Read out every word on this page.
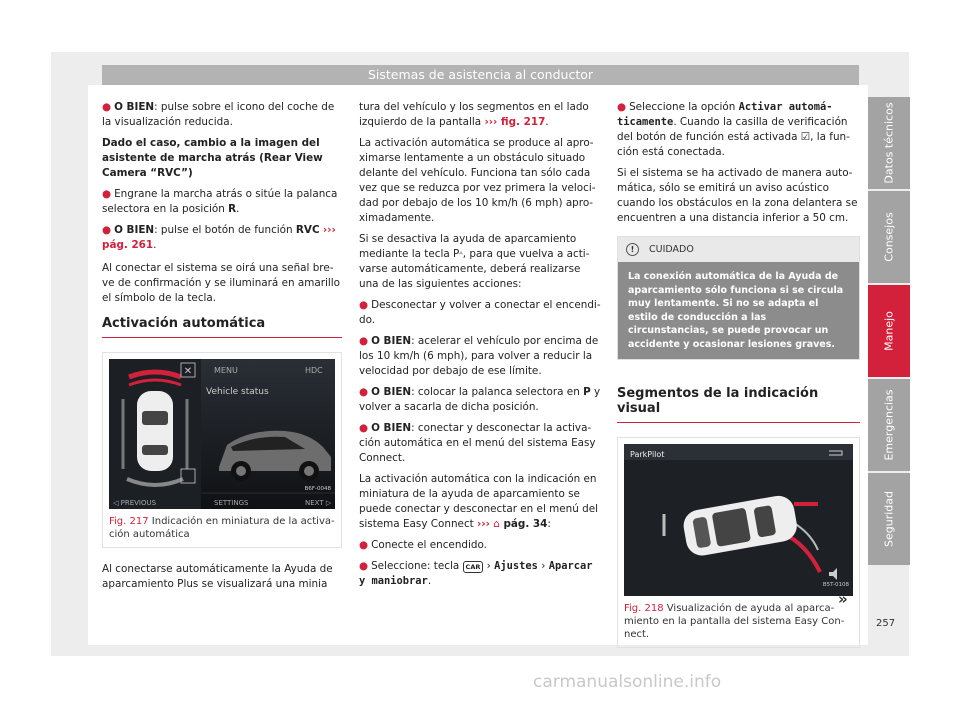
Sistemas de asistencia al conductor

● O BIEN: pulse sobre el icono del coche de la visualización reducida.

Dado el caso, cambio a la imagen del asistente de marcha atrás (Rear View Camera “RVC”)

● Engrane la marcha atrás o sitúe la palanca selectora en la posición R.

● O BIEN: pulse el botón de función RVC ››› pág. 261.

Al conectar el sistema se oirá una señal breve de confirmación y se iluminará en amarillo el símbolo de la tecla.

Activación automática
✕	MENU	HDC
Vehicle status
◁ PREVIOUS	SETTINGS	NEXT ▷
B6F-0048
Fig. 217 Indicación en miniatura de la activación automática

Al conectarse automáticamente la Ayuda de aparcamiento Plus se visualizará una minia

tura del vehículo y los segmentos en el lado izquierdo de la pantalla ››› fig. 217.

La activación automática se produce al aproximarse lentamente a un obstáculo situado delante del vehículo. Funciona tan sólo cada vez que se reduzca por vez primera la velocidad por debajo de los 10 km/h (6 mph) aproximadamente.

Si se desactiva la ayuda de aparcamiento mediante la tecla Pᴬ, para que vuelva a activarse automáticamente, deberá realizarse una de las siguientes acciones:

● Desconectar y volver a conectar el encendido.

● O BIEN: acelerar el vehículo por encima de los 10 km/h (6 mph), para volver a reducir la velocidad por debajo de ese límite.

● O BIEN: colocar la palanca selectora en P y volver a sacarla de dicha posición.

● O BIEN: conectar y desconectar la activación automática en el menú del sistema Easy Connect.

La activación automática con la indicación en miniatura de la ayuda de aparcamiento se puede conectar y desconectar en el menú del sistema Easy Connect ››› ⌂ pág. 34:

● Conecte el encendido.

● Seleccione: tecla CAR › Ajustes › Aparcar y maniobrar.

● Seleccione la opción Activar automáticamente. Cuando la casilla de verificación del botón de función está activada ☑, la función está conectada.

Si el sistema se ha activado de manera automática, sólo se emitirá un aviso acústico cuando los obstáculos en la zona delantera se encuentren a una distancia inferior a 50 cm.

!	CUIDADO
La conexión automática de la Ayuda de aparcamiento sólo funciona si se circula muy lentamente. Si no se adapta el estilo de conducción a las circunstancias, se puede provocar un accidente y ocasionar lesiones graves.
Segmentos de la indicación visual
ParkPilot
B5T-0108
Fig. 218 Visualización de ayuda al aparcamiento en la pantalla del sistema Easy Connect.
Datos técnicos
Consejos
Manejo
Emergencias
Seguridad
»
257
carmanualsonline.info
